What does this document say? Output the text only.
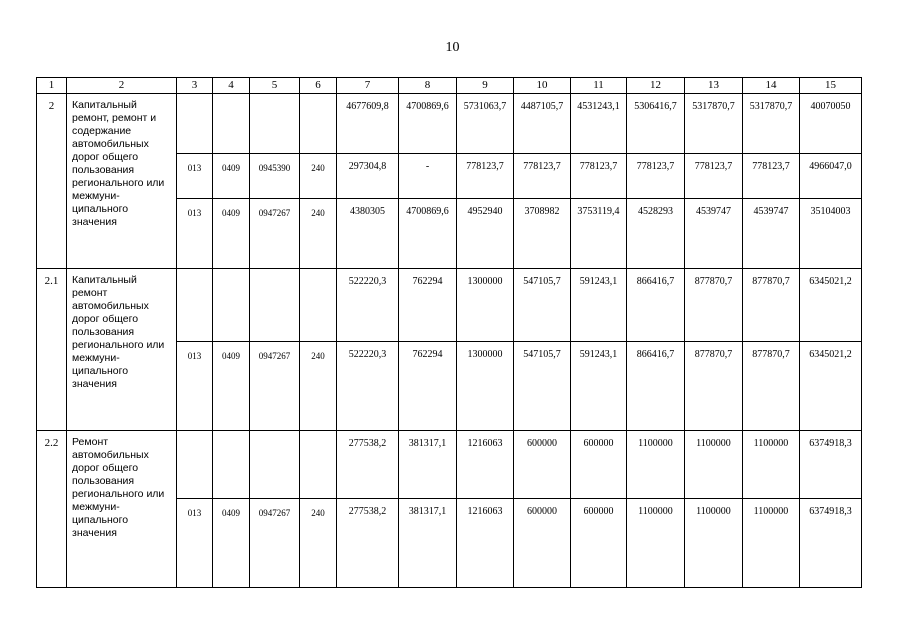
10
1	2	3	4	5	6	7	8	9	10	11	12	13	14	15
2	Капитальный ремонт, ремонт и содержание автомобильных дорог общего пользования регионального или межмуни-ципального значения					4677609,8	4700869,6	5731063,7	4487105,7	4531243,1	5306416,7	5317870,7	5317870,7	40070050
		013	0409	0945390	240	297304,8	-	778123,7	778123,7	778123,7	778123,7	778123,7	778123,7	4966047,0
		013	0409	0947267	240	4380305	4700869,6	4952940	3708982	3753119,4	4528293	4539747	4539747	35104003
2.1	Капитальный ремонт автомобильных дорог общего пользования регионального или межмуни-ципального значения					522220,3	762294	1300000	547105,7	591243,1	866416,7	877870,7	877870,7	6345021,2
		013	0409	0947267	240	522220,3	762294	1300000	547105,7	591243,1	866416,7	877870,7	877870,7	6345021,2
2.2	Ремонт автомобильных дорог общего пользования регионального или межмуни-ципального значения					277538,2	381317,1	1216063	600000	600000	1100000	1100000	1100000	6374918,3
		013	0409	0947267	240	277538,2	381317,1	1216063	600000	600000	1100000	1100000	1100000	6374918,3
